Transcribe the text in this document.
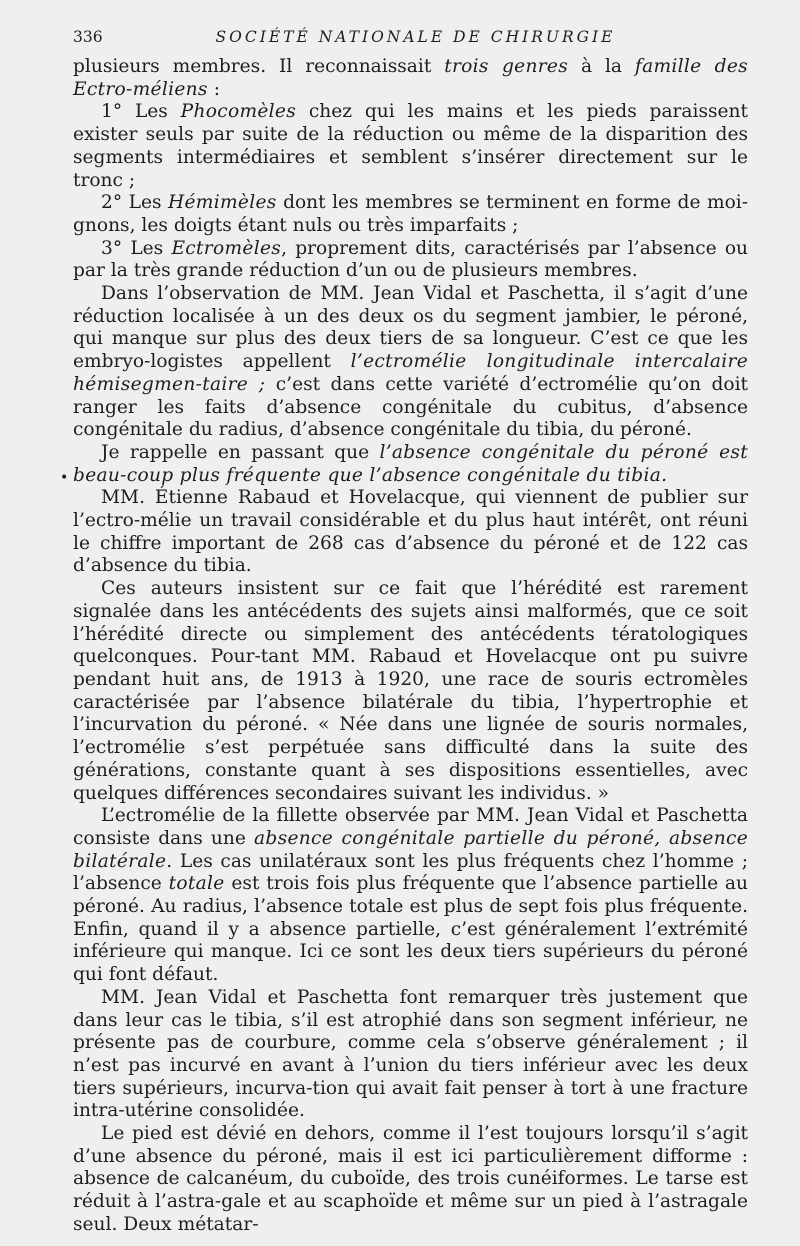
336	SOCIÉTÉ NATIONALE DE CHIRURGIE

plusieurs membres. Il reconnaissait trois genres à la famille des Ectro-méliens :

1° Les Phocomèles chez qui les mains et les pieds paraissent exister seuls par suite de la réduction ou même de la disparition des segments intermédiaires et semblent s’insérer directement sur le tronc ;

2° Les Hémimèles dont les membres se terminent en forme de moi-gnons, les doigts étant nuls ou très imparfaits ;

3° Les Ectromèles, proprement dits, caractérisés par l’absence ou par la très grande réduction d’un ou de plusieurs membres.

Dans l’observation de MM. Jean Vidal et Paschetta, il s’agit d’une réduction localisée à un des deux os du segment jambier, le péroné, qui manque sur plus des deux tiers de sa longueur. C’est ce que les embryo-logistes appellent l’ectromélie longitudinale intercalaire hémisegmen-taire ; c’est dans cette variété d’ectromélie qu’on doit ranger les faits d’absence congénitale du cubitus, d’absence congénitale du radius, d’absence congénitale du tibia, du péroné.

Je rappelle en passant que l’absence congénitale du péroné est beau-coup plus fréquente que l’absence congénitale du tibia.

MM. Étienne Rabaud et Hovelacque, qui viennent de publier sur l’ectro-mélie un travail considérable et du plus haut intérêt, ont réuni le chiffre important de 268 cas d’absence du péroné et de 122 cas d’absence du tibia.

Ces auteurs insistent sur ce fait que l’hérédité est rarement signalée dans les antécédents des sujets ainsi malformés, que ce soit l’hérédité directe ou simplement des antécédents tératologiques quelconques. Pour-tant MM. Rabaud et Hovelacque ont pu suivre pendant huit ans, de 1913 à 1920, une race de souris ectromèles caractérisée par l’absence bilatérale du tibia, l’hypertrophie et l’incurvation du péroné. « Née dans une lignée de souris normales, l’ectromélie s’est perpétuée sans difficulté dans la suite des générations, constante quant à ses dispositions essentielles, avec quelques différences secondaires suivant les individus. »

L’ectromélie de la fillette observée par MM. Jean Vidal et Paschetta consiste dans une absence congénitale partielle du péroné, absence bilatérale. Les cas unilatéraux sont les plus fréquents chez l’homme ; l’absence totale est trois fois plus fréquente que l’absence partielle au péroné. Au radius, l’absence totale est plus de sept fois plus fréquente. Enfin, quand il y a absence partielle, c’est généralement l’extrémité inférieure qui manque. Ici ce sont les deux tiers supérieurs du péroné qui font défaut.

MM. Jean Vidal et Paschetta font remarquer très justement que dans leur cas le tibia, s’il est atrophié dans son segment inférieur, ne présente pas de courbure, comme cela s’observe généralement ; il n’est pas incurvé en avant à l’union du tiers inférieur avec les deux tiers supérieurs, incurva-tion qui avait fait penser à tort à une fracture intra-utérine consolidée.

Le pied est dévié en dehors, comme il l’est toujours lorsqu’il s’agit d’une absence du péroné, mais il est ici particulièrement difforme : absence de calcanéum, du cuboïde, des trois cunéiformes. Le tarse est réduit à l’astra-gale et au scaphoïde et même sur un pied à l’astragale seul. Deux métatar-

•
